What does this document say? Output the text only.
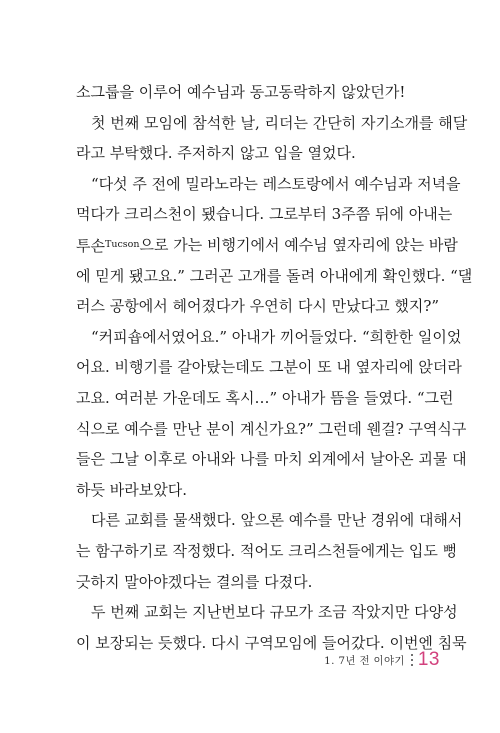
소그룹을 이루어 예수님과 동고동락하지 않았던가!
첫 번째 모임에 참석한 날, 리더는 간단히 자기소개를 해달
라고 부탁했다. 주저하지 않고 입을 열었다.
“다섯 주 전에 밀라노라는 레스토랑에서 예수님과 저녁을
먹다가 크리스천이 됐습니다. 그로부터 3주쯤 뒤에 아내는
투손$^{Tucson}$ 으로 가는 비행기에서 예수님 옆자리에 앉는 바람
에 믿게 됐고요.” 그러곤 고개를 돌려 아내에게 확인했다. “댈
러스 공항에서 헤어졌다가 우연히 다시 만났다고 했지?”
“커피숍에서였어요.” 아내가 끼어들었다. “희한한 일이었
어요. 비행기를 갈아탔는데도 그분이 또 내 옆자리에 앉더라
고요. 여러분 가운데도 혹시…” 아내가 뜸을 들였다. “그런
식으로 예수를 만난 분이 계신가요?” 그런데 웬걸? 구역식구
들은 그날 이후로 아내와 나를 마치 외계에서 날아온 괴물 대
하듯 바라보았다.
다른 교회를 물색했다. 앞으론 예수를 만난 경위에 대해서
는 함구하기로 작정했다. 적어도 크리스천들에게는 입도 뻥
긋하지 말아야겠다는 결의를 다졌다.
두 번째 교회는 지난번보다 규모가 조금 작았지만 다양성
이 보장되는 듯했다. 다시 구역모임에 들어갔다. 이번엔 침묵
1. 7년 전 이야기 13
